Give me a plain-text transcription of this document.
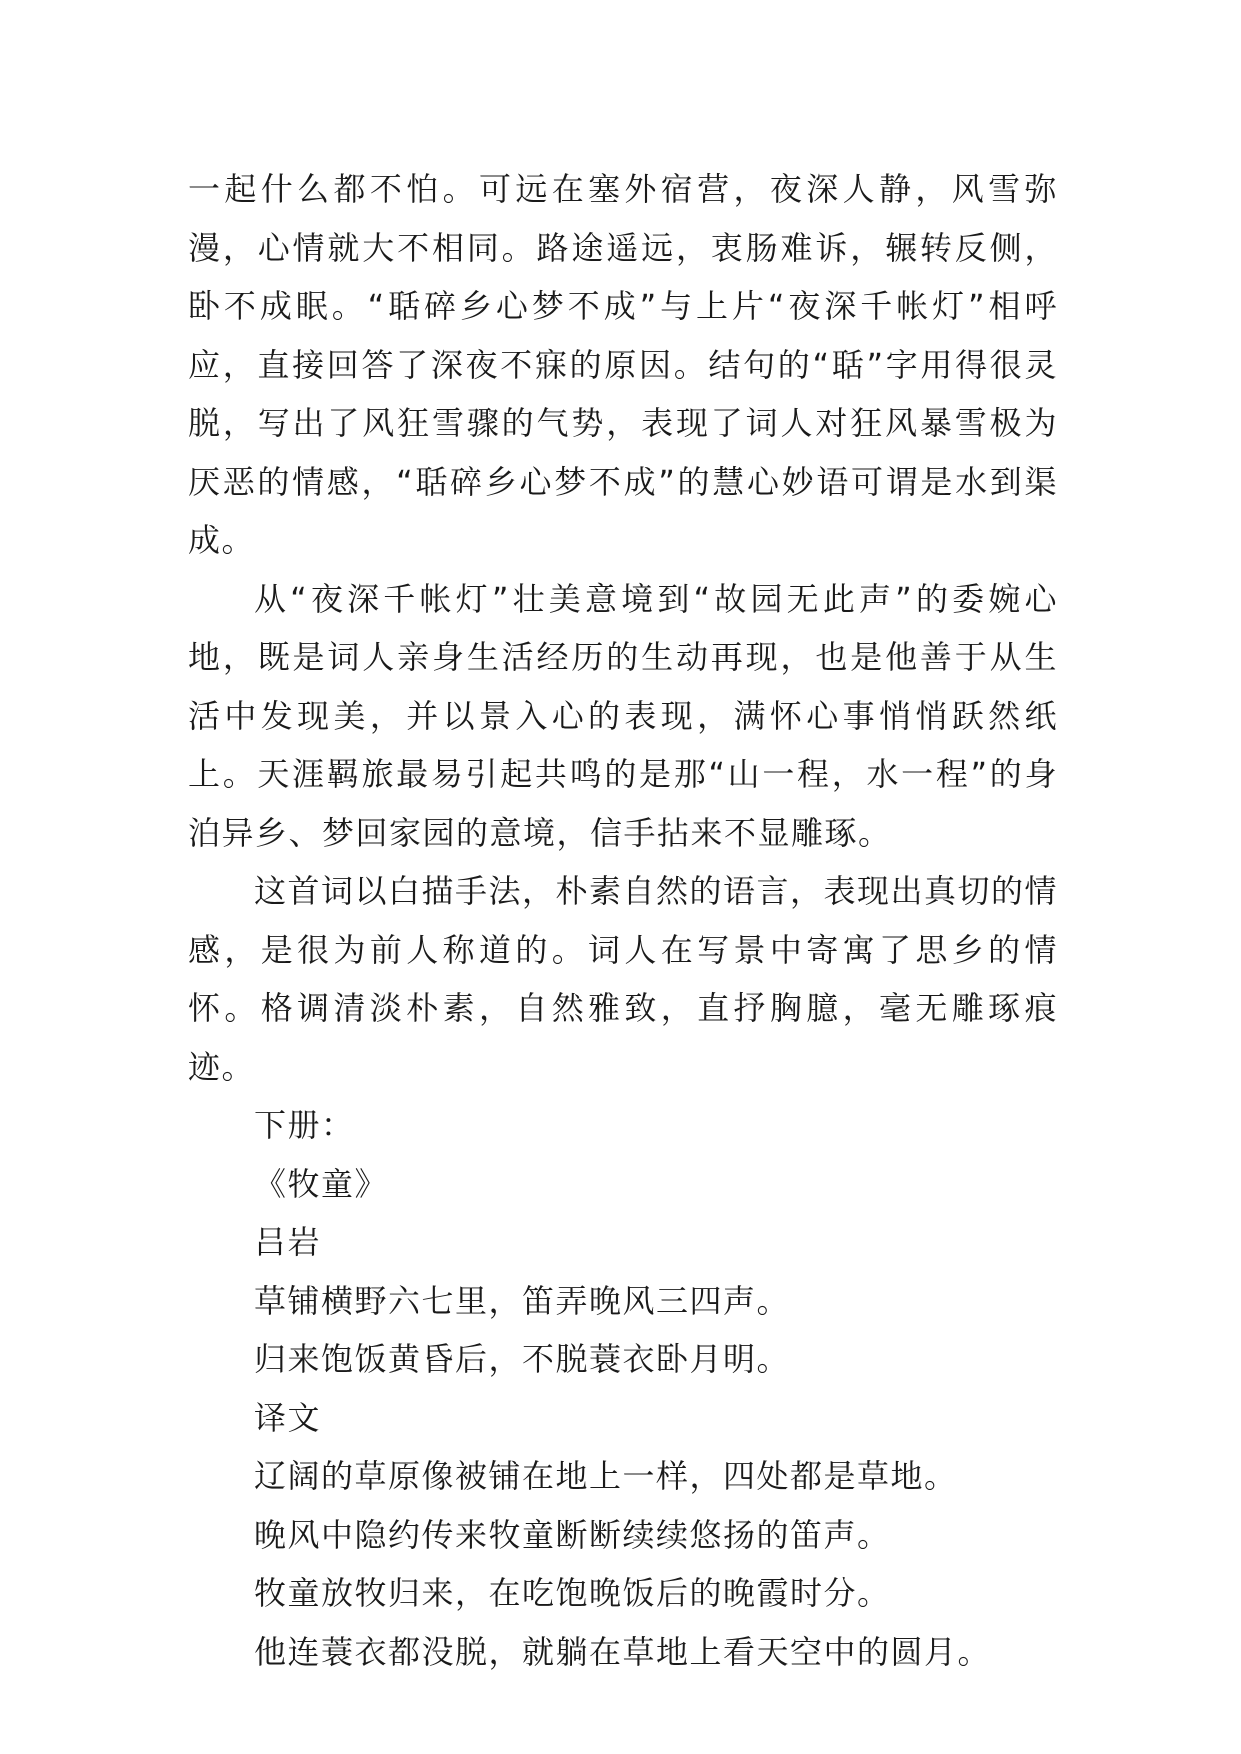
一起什么都不怕。可远在塞外宿营，夜深人静，风雪弥漫，心情就大不相同。路途遥远，衷肠难诉，辗转反侧，卧不成眠。“聒碎乡心梦不成”与上片“夜深千帐灯”相呼应，直接回答了深夜不寐的原因。结句的“聒”字用得很灵脱，写出了风狂雪骤的气势，表现了词人对狂风暴雪极为厌恶的情感，“聒碎乡心梦不成”的慧心妙语可谓是水到渠成。

从“夜深千帐灯”壮美意境到“故园无此声”的委婉心地，既是词人亲身生活经历的生动再现，也是他善于从生活中发现美，并以景入心的表现，满怀心事悄悄跃然纸上。天涯羁旅最易引起共鸣的是那“山一程，水一程”的身泊异乡、梦回家园的意境，信手拈来不显雕琢。

这首词以白描手法，朴素自然的语言，表现出真切的情感，是很为前人称道的。词人在写景中寄寓了思乡的情怀。格调清淡朴素，自然雅致，直抒胸臆，毫无雕琢痕迹。

下册：

《牧童》

吕岩

草铺横野六七里，笛弄晚风三四声。

归来饱饭黄昏后，不脱蓑衣卧月明。

译文

辽阔的草原像被铺在地上一样，四处都是草地。

晚风中隐约传来牧童断断续续悠扬的笛声。

牧童放牧归来，在吃饱晚饭后的晚霞时分。

他连蓑衣都没脱，就躺在草地上看天空中的圆月。
